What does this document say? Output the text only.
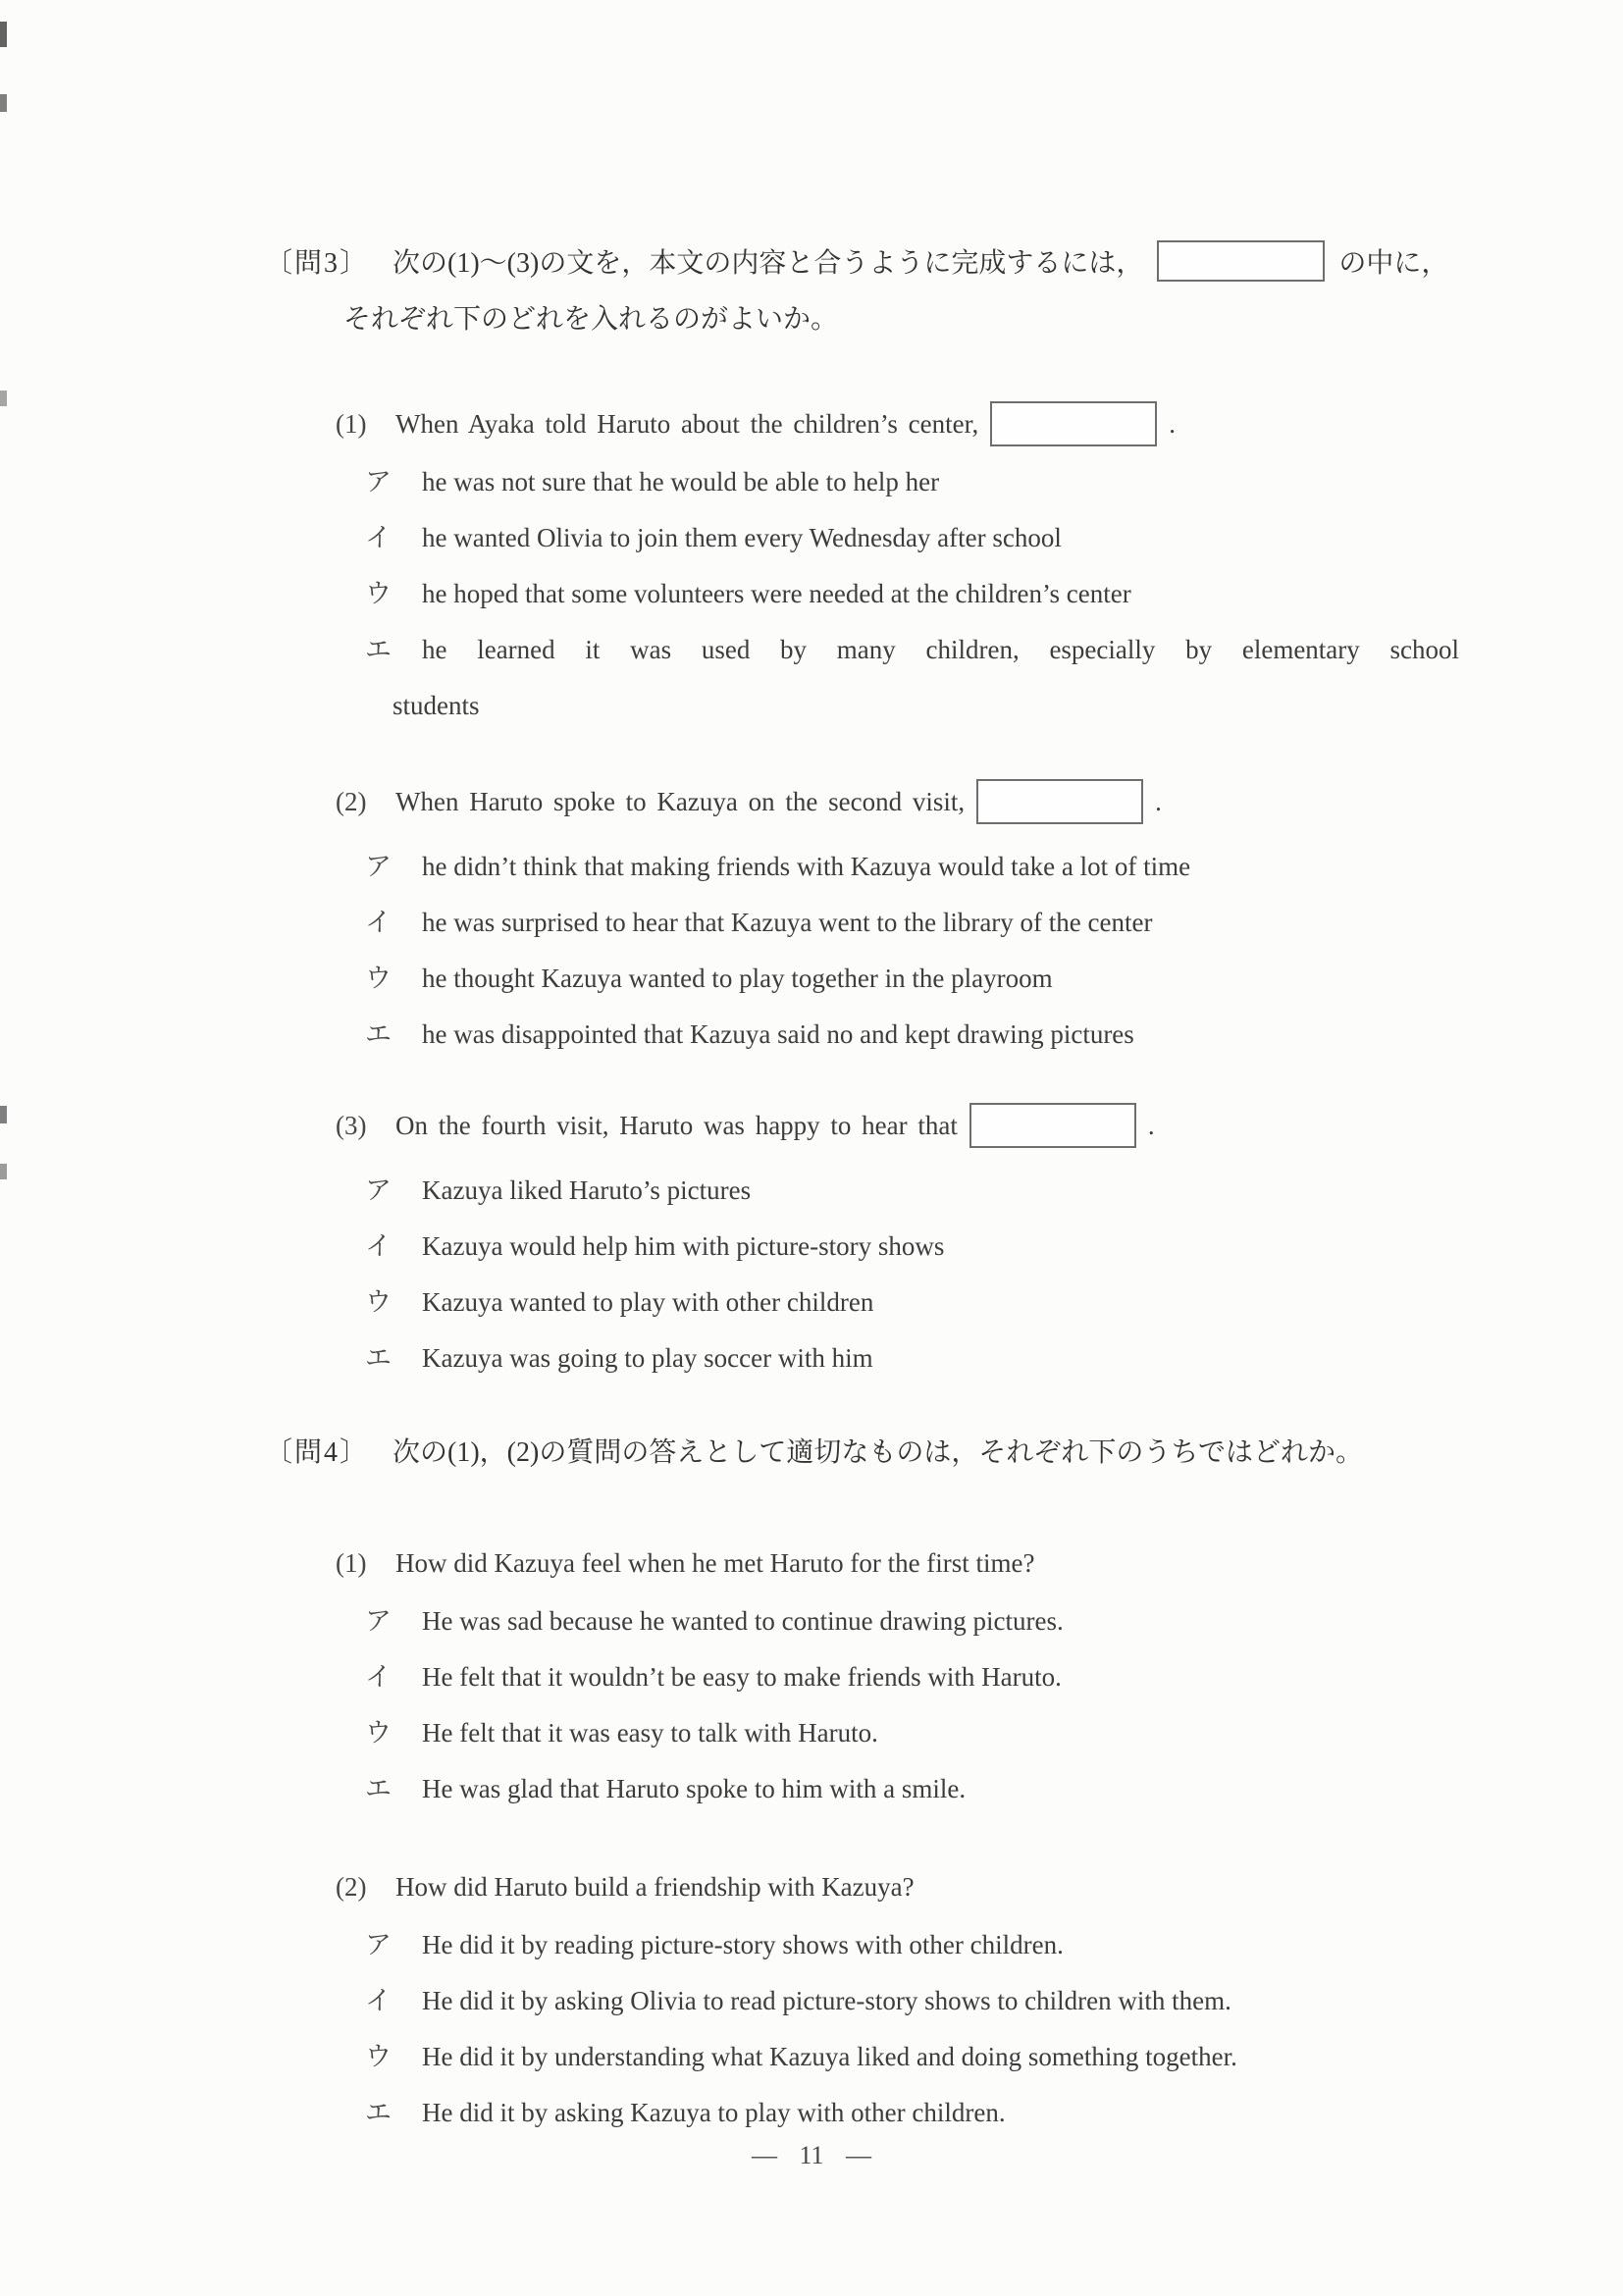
〔問3〕 次の(1)～(3)の文を，本文の内容と合うように完成するには，	の中に，
それぞれ下のどれを入れるのがよいか。
〔問4〕 次の(1)，(2)の質問の答えとして適切なものは，それぞれ下のうちではどれか。
— 11 —
(1)	When Ayaka told Haruto about the children’s center,	.
ア he was not sure that he would be able to help her
イ he wanted Olivia to join them every Wednesday after school
ウ he hoped that some volunteers were needed at the children’s center
エ he learned it was used by many children, especially by elementary school
students
(2)	When Haruto spoke to Kazuya on the second visit,	.
ア he didn’t think that making friends with Kazuya would take a lot of time
イ he was surprised to hear that Kazuya went to the library of the center
ウ he thought Kazuya wanted to play together in the playroom
エ he was disappointed that Kazuya said no and kept drawing pictures
(3)	On the fourth visit, Haruto was happy to hear that	.
ア Kazuya liked Haruto’s pictures
イ Kazuya would help him with picture-story shows
ウ Kazuya wanted to play with other children
エ Kazuya was going to play soccer with him
(1)	How did Kazuya feel when he met Haruto for the first time?
ア He was sad because he wanted to continue drawing pictures.
イ He felt that it wouldn’t be easy to make friends with Haruto.
ウ He felt that it was easy to talk with Haruto.
エ He was glad that Haruto spoke to him with a smile.
(2)	How did Haruto build a friendship with Kazuya?
ア He did it by reading picture-story shows with other children.
イ He did it by asking Olivia to read picture-story shows to children with them.
ウ He did it by understanding what Kazuya liked and doing something together.
エ He did it by asking Kazuya to play with other children.
